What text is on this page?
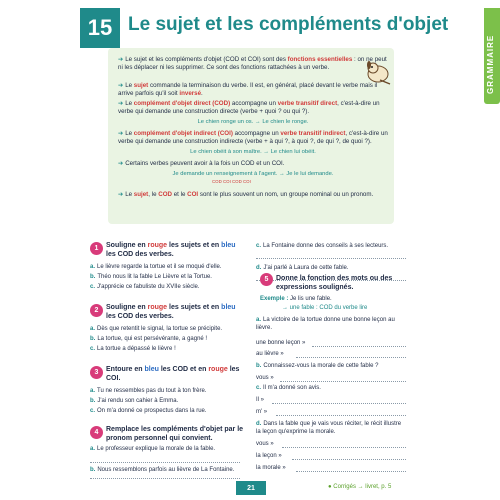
15 Le sujet et les compléments d'objet
GRAMMAIRE
➔ Le sujet et les compléments d'objet (COD et COI) sont des fonctions essentielles : on ne peut ni les déplacer ni les supprimer. Ce sont des fonctions rattachées à un verbe.
➔ Le sujet commande la terminaison du verbe. Il est, en général, placé devant le verbe mais il arrive parfois qu'il soit inversé.
➔ Le complément d'objet direct (COD) accompagne un verbe transitif direct, c'est-à-dire un verbe qui demande une construction directe (verbe + quoi ? ou qui ?).
Le chien ronge un os. → Le chien le ronge.
➔ Le complément d'objet indirect (COI) accompagne un verbe transitif indirect, c'est-à-dire un verbe qui demande une construction indirecte (verbe + à qui ?, à quoi ?, de qui ?, de quoi ?).
Le chien obéit à son maître. → Le chien lui obéit.
➔ Certains verbes peuvent avoir à la fois un COD et un COI.
Je demande un renseignement à l'agent. → Je le lui demande.
COD COI COD COI
➔ Le sujet, le COD et le COI sont le plus souvent un nom, un groupe nominal ou un pronom.
1	Souligne en rouge les sujets et en bleu les COD des verbes.
a. Le lièvre regarde la tortue et il se moqué d'elle.
b. Théo nous lit la fable Le Lièvre et la Tortue.
c. J'apprécie ce fabuliste du XVIIe siècle.
2	Souligne en rouge les sujets et en bleu les COD des verbes.
a. Dès que retentit le signal, la tortue se précipite.
b. La tortue, qui est persévérante, a gagné !
c. La tortue a dépassé le lièvre !
3	Entoure en bleu les COD et en rouge les COI.
a. Tu ne ressembles pas du tout à ton frère.
b. J'ai rendu son cahier à Emma.
c. On m'a donné ce prospectus dans la rue.
4	Remplace les compléments d'objet par le pronom personnel qui convient.
a. Le professeur explique la morale de la fable.
b. Nous ressemblons parfois au lièvre de La Fontaine.
c. La Fontaine donne des conseils à ses lecteurs.
d. J'ai parlé à Laura de cette fable.
5	Donne la fonction des mots ou des expressions soulignés.
Exemple : Je lis une fable.
→ une fable : COD du verbe lire
a. La victoire de la tortue donne une bonne leçon au lièvre.
une bonne leçon »
au lièvre »
b. Connaissez-vous la morale de cette fable ?
vous »
c. Il m'a donné son avis.
Il »
m' »
d. Dans la fable que je vais vous réciter, le récit illustre la leçon qu'exprime la morale.
vous »
la leçon »
la morale »
21	● Corrigés → livret, p. 5
